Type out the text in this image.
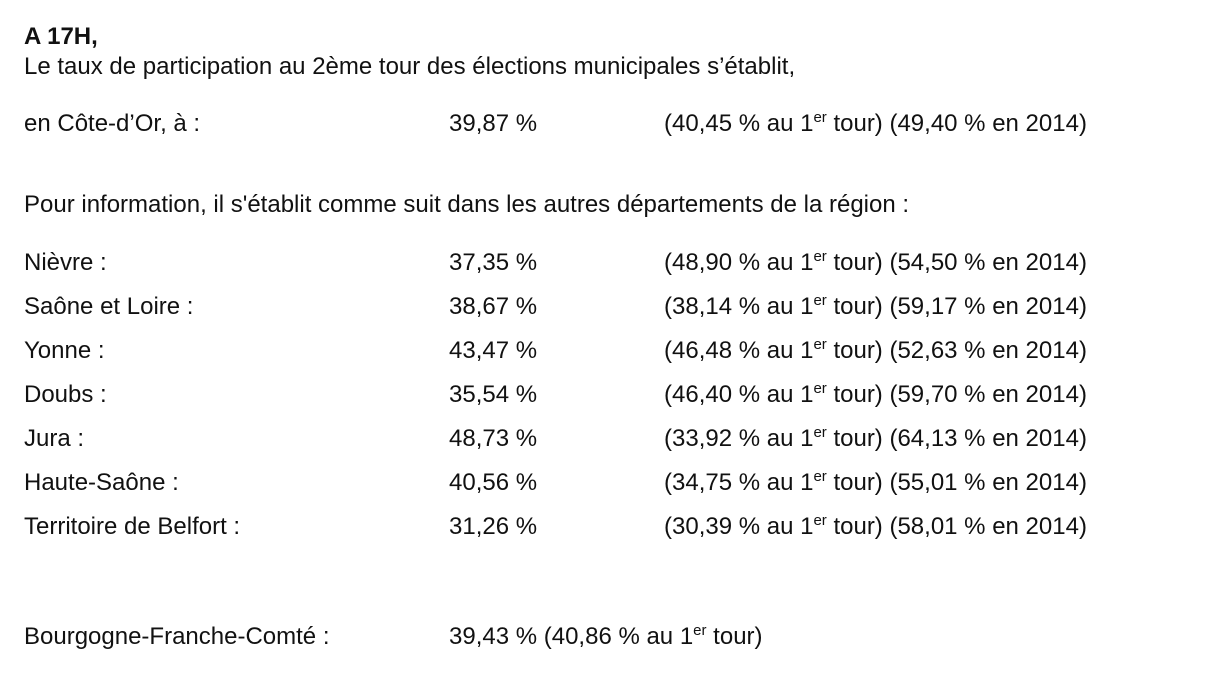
A 17H,

Le taux de participation au 2ème tour des élections municipales s’établit,

en Côte-d’Or, à :	39,87 %	(40,45 % au 1er tour) (49,40 % en 2014)

Pour information, il s'établit comme suit dans les autres départements de la région :

Nièvre :	37,35 %	(48,90 % au 1er tour) (54,50 % en 2014)
Saône et Loire :	38,67 %	(38,14 % au 1er tour) (59,17 % en 2014)
Yonne :	43,47 %	(46,48 % au 1er tour) (52,63 % en 2014)
Doubs :	35,54 %	(46,40 % au 1er tour) (59,70 % en 2014)
Jura :	48,73 %	(33,92 % au 1er tour) (64,13 % en 2014)
Haute-Saône :	40,56 %	(34,75 % au 1er tour) (55,01 % en 2014)
Territoire de Belfort :	31,26 %	(30,39 % au 1er tour) (58,01 % en 2014)
Bourgogne-Franche-Comté :	39,43 % (40,86 % au 1er tour)
